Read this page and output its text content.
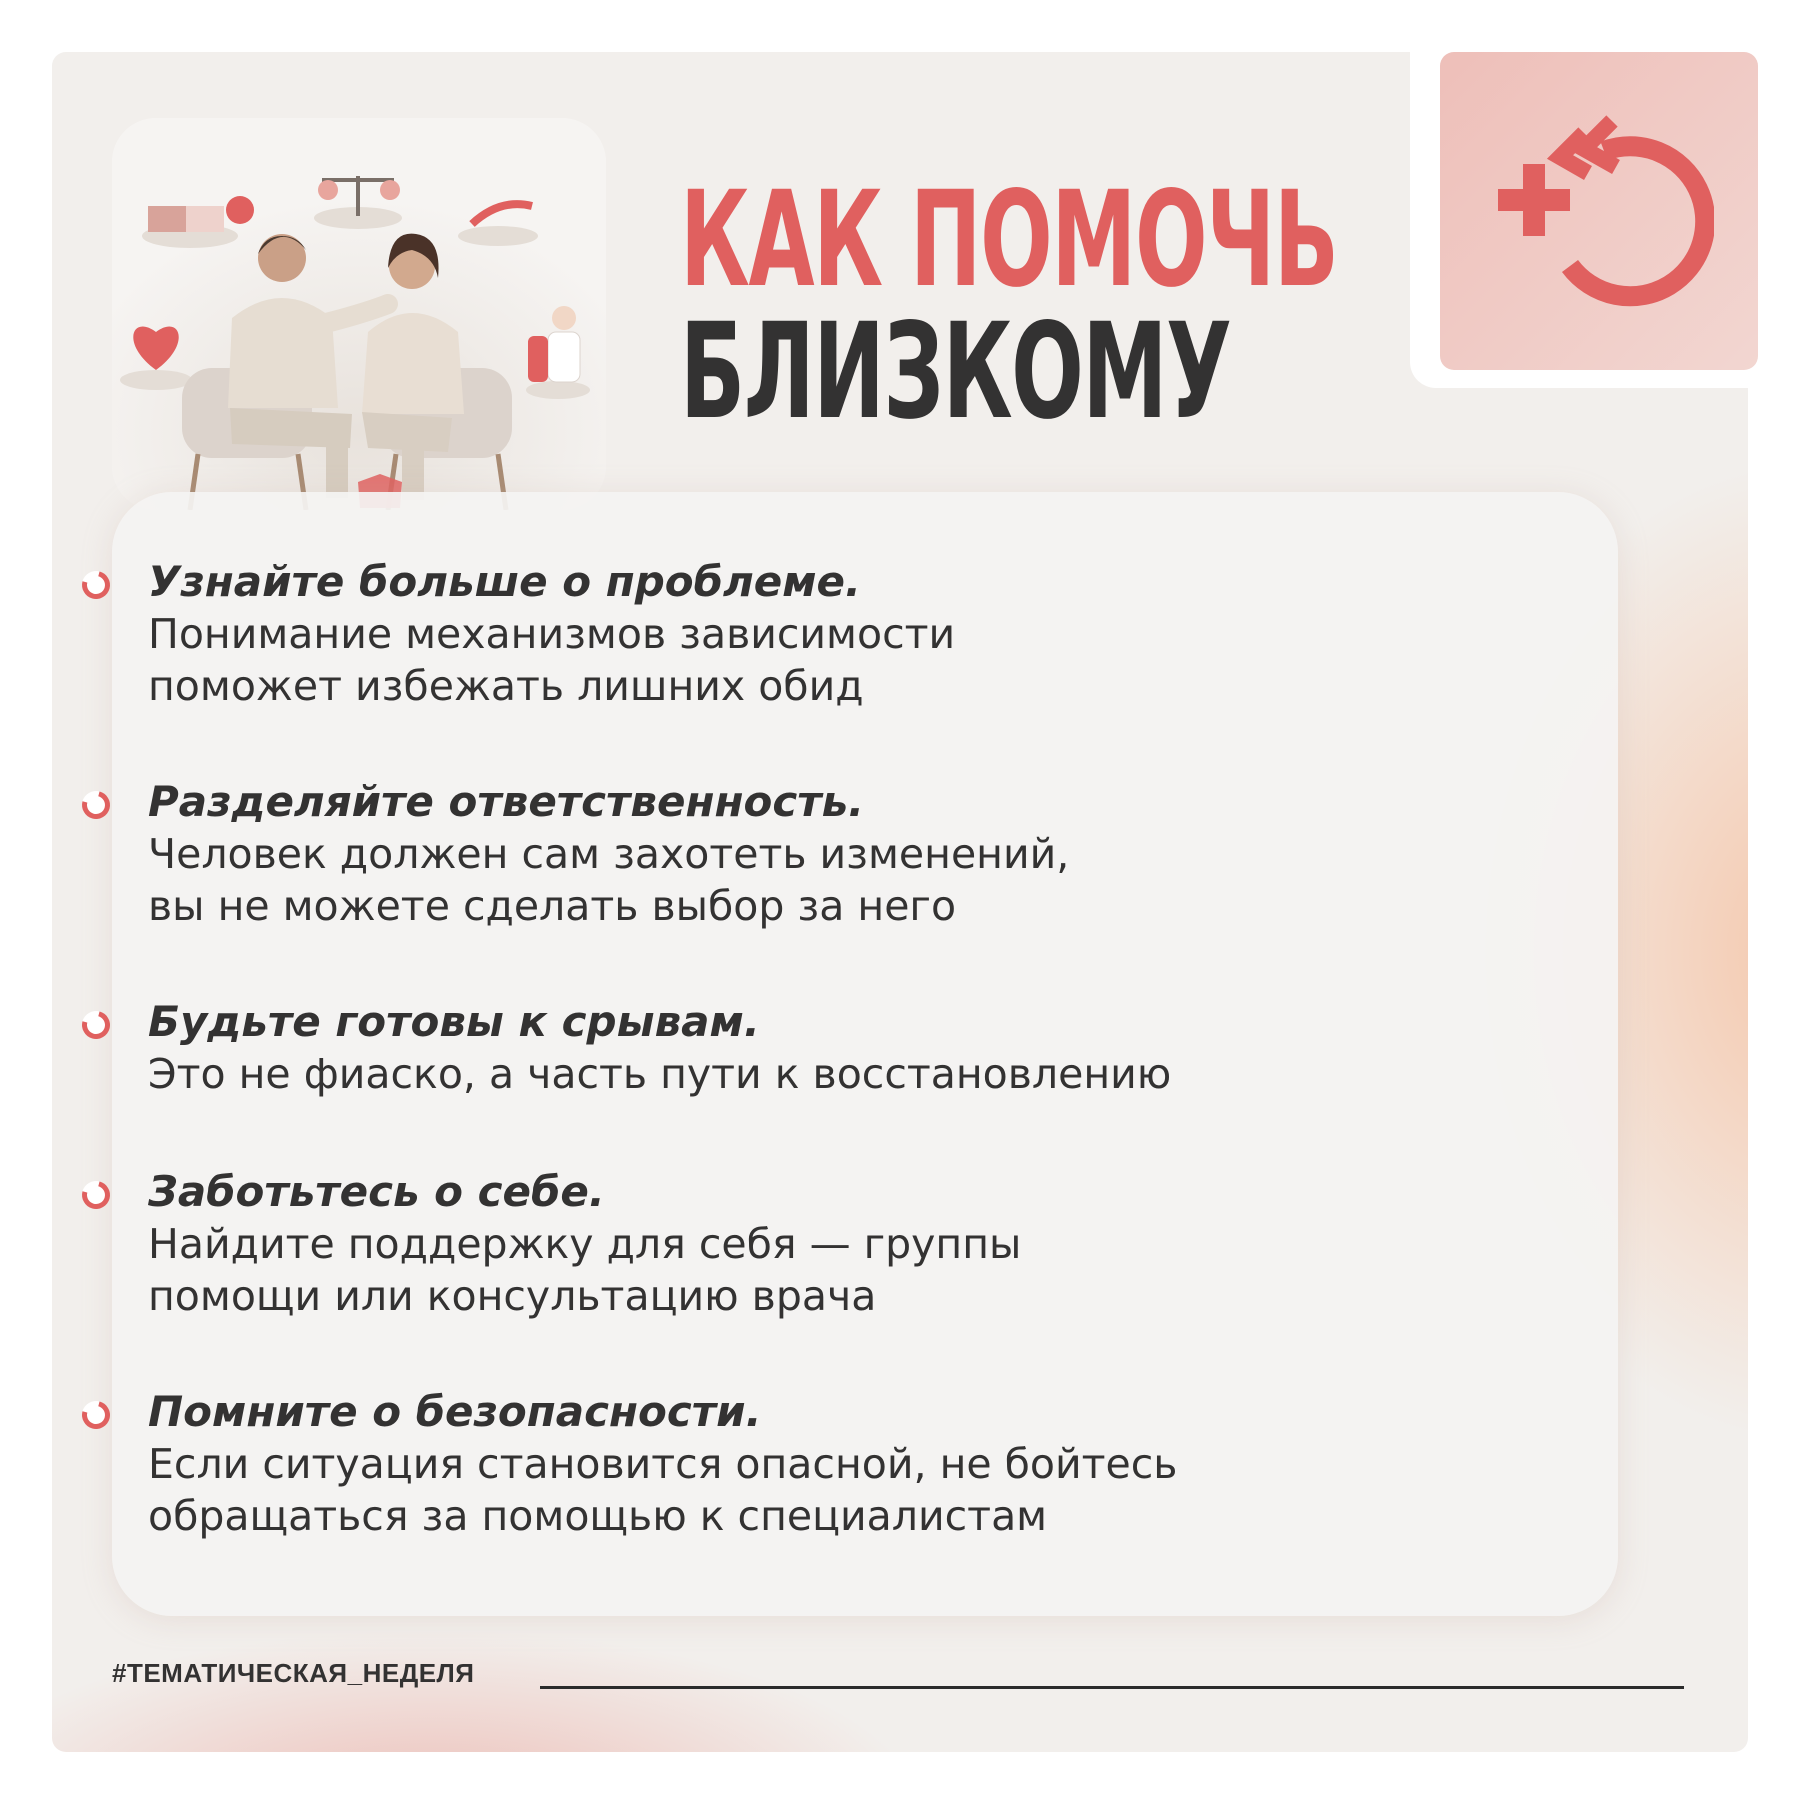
КАК ПОМОЧЬ
БЛИЗКОМУ
Узнайте больше о проблеме.
Понимание механизмов зависимости
поможет избежать лишних обид
Разделяйте ответственность.
Человек должен сам захотеть изменений,
вы не можете сделать выбор за него
Будьте готовы к срывам.
Это не фиаско, а часть пути к восстановлению
Заботьтесь о себе.
Найдите поддержку для себя — группы
помощи или консультацию врача
Помните о безопасности.
Если ситуация становится опасной, не бойтесь
обращаться за помощью к специалистам
#ТЕМАТИЧЕСКАЯ_НЕДЕЛЯ
